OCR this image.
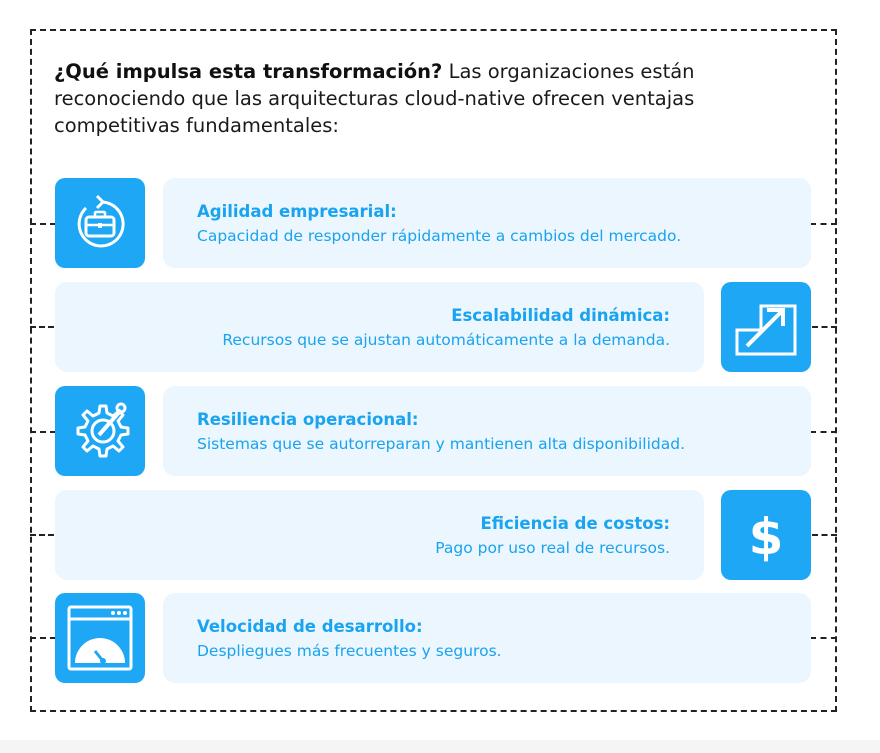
¿Qué impulsa esta transformación? Las organizaciones están reconociendo que las arquitecturas cloud-native ofrecen ventajas competitivas fundamentales:
Agilidad empresarial:
Capacidad de responder rápidamente a cambios del mercado.
Escalabilidad dinámica:
Recursos que se ajustan automáticamente a la demanda.
Resiliencia operacional:
Sistemas que se autorreparan y mantienen alta disponibilidad.
Eficiencia de costos:
Pago por uso real de recursos. $
Velocidad de desarrollo:
Despliegues más frecuentes y seguros.
